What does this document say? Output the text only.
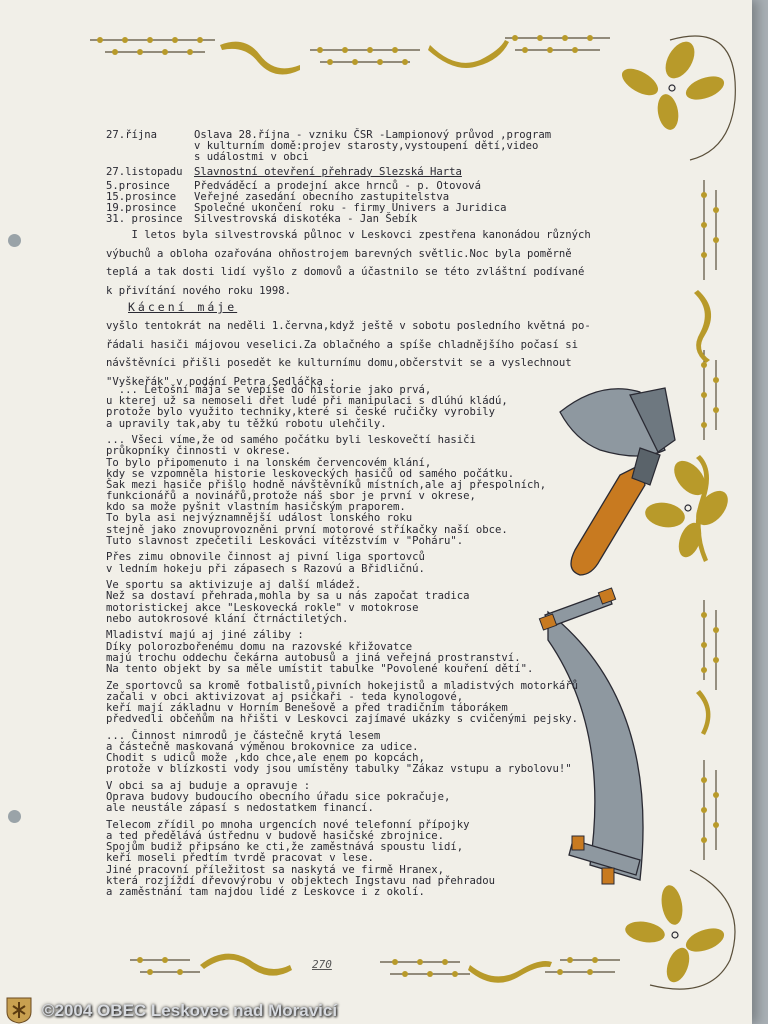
27.října	Oslava 28.října - vzniku ČSR -Lampionový průvod ,program
v kulturním domě:projev starosty,vystoupení dětí,video
s událostmi v obci
27.listopadu	Slavnostní otevření přehrady Slezská Harta
5.prosince	Předváděcí a prodejní akce hrnců - p. Otovová
15.prosince	Veřejné zasedání obecního zastupitelstva
19.prosince	Společné ukončení roku - firmy Univers a Juridica
31. prosince	Silvestrovská diskotéka - Jan Šebík

I letos byla silvestrovská půlnoc v Leskovci zpestřena kanonádou různých

výbuchů a obloha ozařována ohňostrojem barevných světlic.Noc byla poměrně

teplá a tak dosti lidí vyšlo z domovů a účastnilo se této zvláštní podívané

k přivítání nového roku 1998.

Kácení máje

vyšlo tentokrát na neděli 1.června,když ještě v sobotu posledního květná po-

řádali hasiči májovou veselici.Za oblačného a spíše chladnějšího počasí si

návštěvníci přišli posedět ke kulturnímu domu,občerstvit se a vyslechnout

"Vyškeřák" v podání Petra Sedláčka :

... Letošní mája se vepíše do historie jako prvá,

u kterej už sa nemoseli dřet ludé při manipulaci s dlúhú kládú,

protože bylo využito techniky,které si české ručičky vyrobily

a upravily tak,aby tu těžkú robotu ulehčily.

... Všeci víme,že od samého počátku byli leskovečtí hasiči

průkopníky činnosti v okrese.

To bylo připomenuto i na lonském červencovém klání,

kdy se vzpomněla historie leskoveckých hasičů od samého počátku.

Šak mezi hasiče přišlo hodně návštěvníků místních,ale aj přespolních,

funkcionářů a novinářů,protože náš sbor je první v okrese,

kdo sa može pyšnit vlastním hasičským praporem.

To byla asi nejvýznamnější událost lonského roku

stejně jako znovuprovozněni první motorové stříkačky naší obce.

Tuto slavnost zpečetili Leskováci vítězstvím v "Poháru".

Přes zimu obnovile činnost aj pivní liga sportovců

v ledním hokeju při zápasech s Razovú a Břidličnú.

Ve sportu sa aktivizuje aj další mládež.

Než sa dostaví přehrada,mohla by sa u nás započat tradica

motoristickej akce "Leskovecká rokle" v motokrose

nebo autokrosové klání čtrnáctiletých.

Mladiství majú aj jiné záliby :

Díky polorozbořenému domu na razovské křižovatce

majú trochu oddechu čekárna autobusů a jiná veřejná prostranství.

Na tento objekt by sa měle umístit tabulke "Povolené kouření dětí".

Ze sportovců sa kromě fotbalistů,pivních hokejistů a mladistvých motorkářů

začali v obci aktivizovat aj psičkaři - teda kynologové,

keří mají základnu v Horním Benešově a před tradičním táborákem

předvedli občeňům na hřišti v Leskovci zajímavé ukázky s cvičenými pejsky.

... Činnost nimrodů je částečně krytá lesem

a částečně maskovaná výměnou brokovnice za udice.

Chodit s udiců može ,kdo chce,ale enem po kopcách,

protože v blízkosti vody jsou umístěny tabulky "Zákaz vstupu a rybolovu!"

V obci sa aj buduje a opravuje :

Oprava budovy budoucího obecního úřadu sice pokračuje,

ale neustále zápasí s nedostatkem financí.

Telecom zřídil po mnoha urgencích nové telefonní přípojky

a ted předělává ústřednu v budově hasičské zbrojnice.

Spojům budiž připsáno ke cti,že zaměstnává spoustu lidí,

keří moseli předtím tvrdě pracovat v lese.

Jiné pracovní příležitost sa naskytá ve firmě Hranex,

která rozjíždí dřevovýrobu v objektech Ingstavu nad přehradou

a zaměstnání tam najdou lidé z Leskovce i z okolí.

270
©2004 OBEC Leskovec nad Moravicí
